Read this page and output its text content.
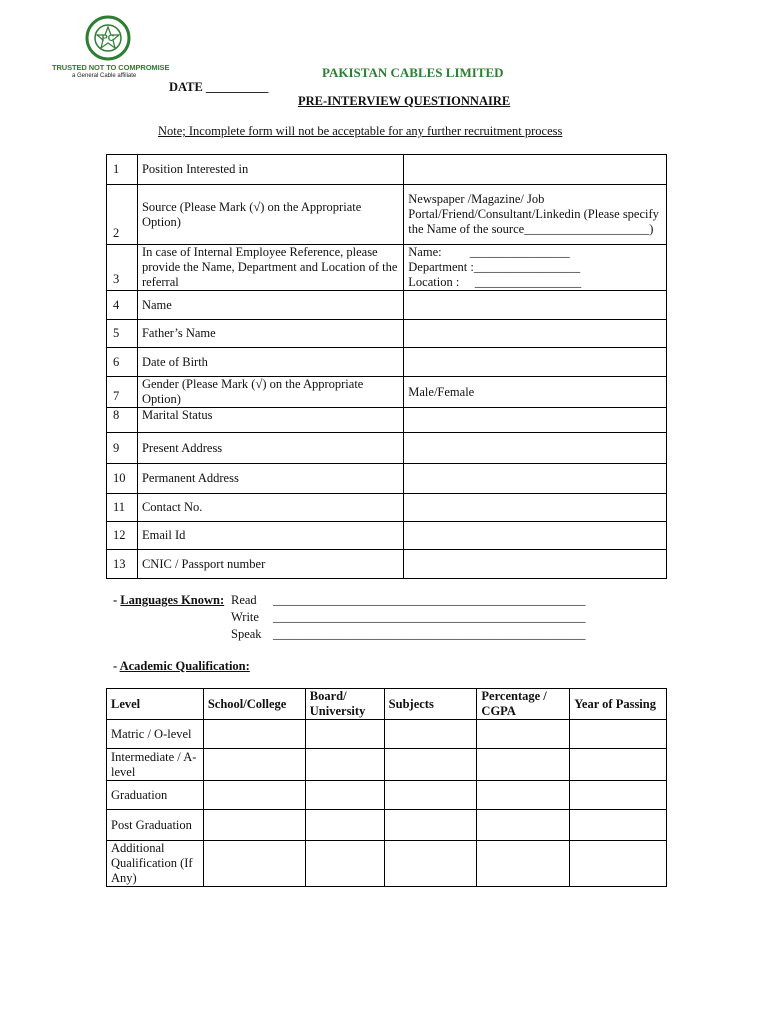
PC
TRUSTED NOT TO COMPROMISE
a General Cable affiliate	PAKISTAN CABLES LIMITED
DATE __________
PRE-INTERVIEW QUESTIONNAIRE
Note; Incomplete form will not be acceptable for any further recruitment process
1	Position Interested in	
2	Source (Please Mark (√) on the Appropriate Option)	Newspaper /Magazine/ Job Portal/Friend/Consultant/Linkedin (Please specify the Name of the source____________________)
3	In case of Internal Employee Reference, please provide the Name, Department and Location of the referral	Name:         ________________
Department :_________________
Location :     _________________

4	Name	
5	Father’s Name	
6	Date of Birth	
7	Gender (Please Mark (√) on the Appropriate Option)	Male/Female
8	Marital Status	
9	Present Address	
10	Permanent Address	
11	Contact No.	
12	Email Id	
13	CNIC / Passport number	
- Languages Known: Read __________________________________________________
Write __________________________________________________
Speak __________________________________________________
- Academic Qualification:
Level	School/College	Board/ University	Subjects	Percentage / CGPA	Year of Passing
Matric / O-level					
Intermediate / A-level					
Graduation					
Post Graduation					
Additional Qualification (If Any)					
